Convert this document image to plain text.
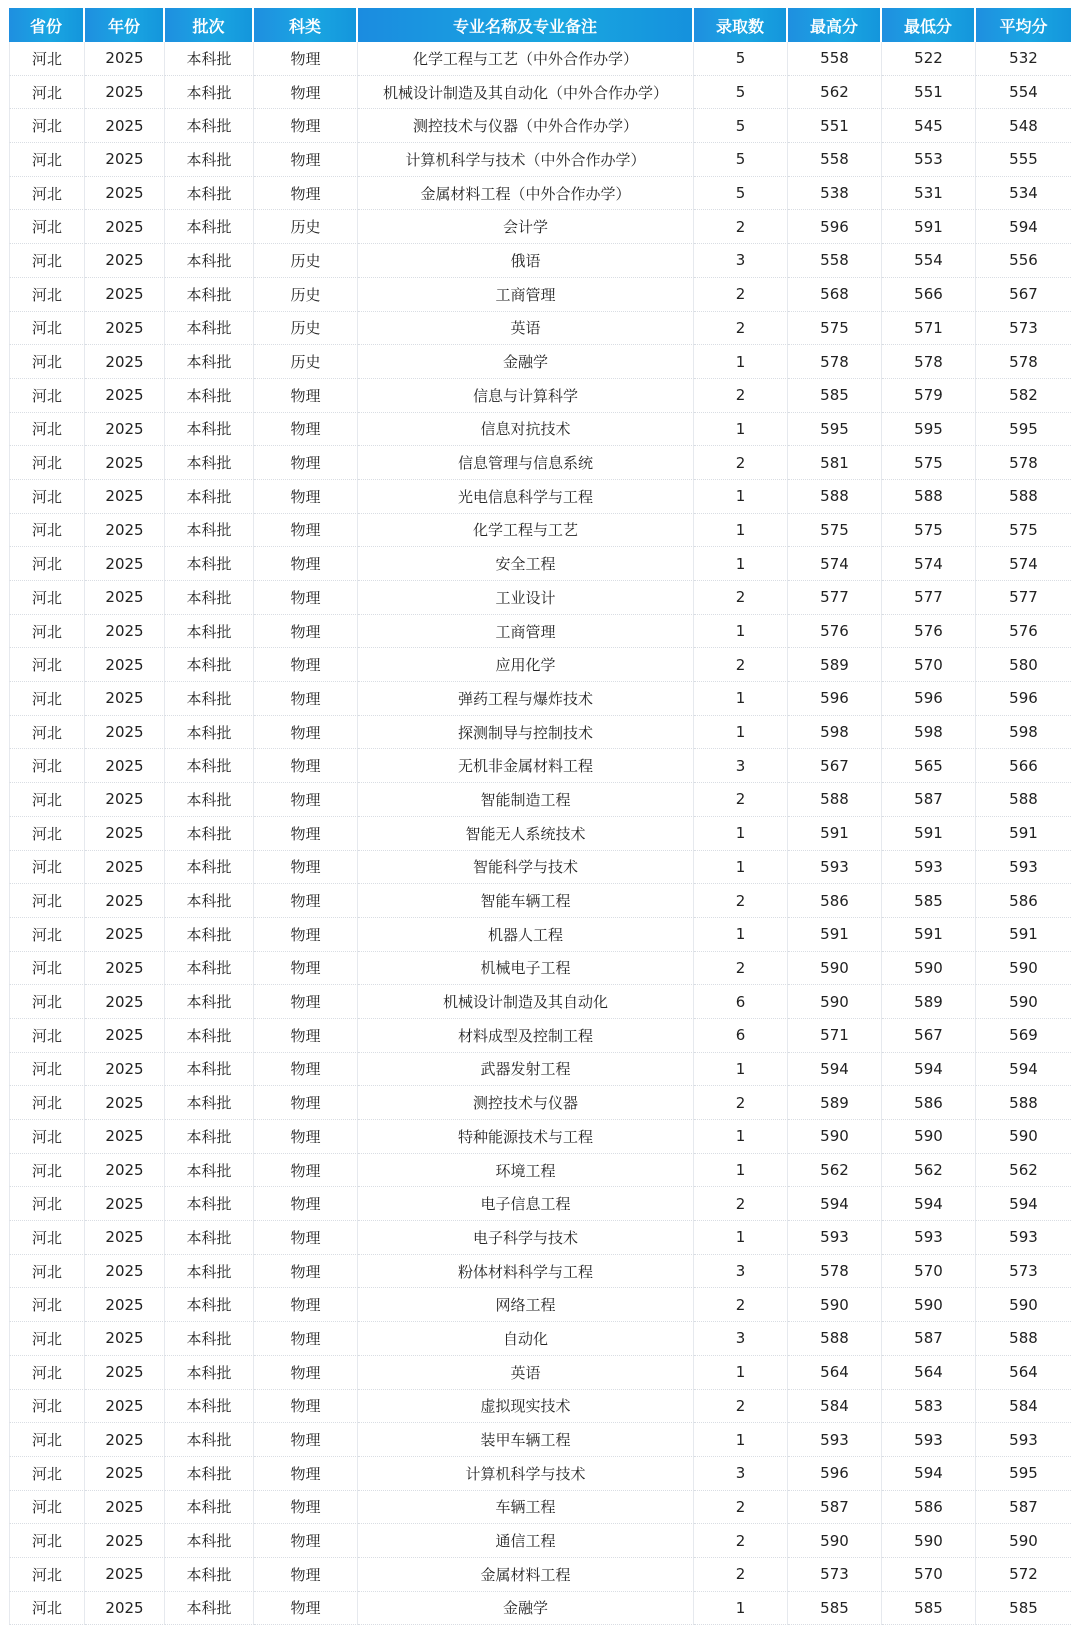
省份	年份	批次	科类	专业名称及专业备注	录取数	最高分	最低分	平均分
河北	2025	本科批	物理	化学工程与工艺（中外合作办学）	5	558	522	532
河北	2025	本科批	物理	机械设计制造及其自动化（中外合作办学）	5	562	551	554
河北	2025	本科批	物理	测控技术与仪器（中外合作办学）	5	551	545	548
河北	2025	本科批	物理	计算机科学与技术（中外合作办学）	5	558	553	555
河北	2025	本科批	物理	金属材料工程（中外合作办学）	5	538	531	534
河北	2025	本科批	历史	会计学	2	596	591	594
河北	2025	本科批	历史	俄语	3	558	554	556
河北	2025	本科批	历史	工商管理	2	568	566	567
河北	2025	本科批	历史	英语	2	575	571	573
河北	2025	本科批	历史	金融学	1	578	578	578
河北	2025	本科批	物理	信息与计算科学	2	585	579	582
河北	2025	本科批	物理	信息对抗技术	1	595	595	595
河北	2025	本科批	物理	信息管理与信息系统	2	581	575	578
河北	2025	本科批	物理	光电信息科学与工程	1	588	588	588
河北	2025	本科批	物理	化学工程与工艺	1	575	575	575
河北	2025	本科批	物理	安全工程	1	574	574	574
河北	2025	本科批	物理	工业设计	2	577	577	577
河北	2025	本科批	物理	工商管理	1	576	576	576
河北	2025	本科批	物理	应用化学	2	589	570	580
河北	2025	本科批	物理	弹药工程与爆炸技术	1	596	596	596
河北	2025	本科批	物理	探测制导与控制技术	1	598	598	598
河北	2025	本科批	物理	无机非金属材料工程	3	567	565	566
河北	2025	本科批	物理	智能制造工程	2	588	587	588
河北	2025	本科批	物理	智能无人系统技术	1	591	591	591
河北	2025	本科批	物理	智能科学与技术	1	593	593	593
河北	2025	本科批	物理	智能车辆工程	2	586	585	586
河北	2025	本科批	物理	机器人工程	1	591	591	591
河北	2025	本科批	物理	机械电子工程	2	590	590	590
河北	2025	本科批	物理	机械设计制造及其自动化	6	590	589	590
河北	2025	本科批	物理	材料成型及控制工程	6	571	567	569
河北	2025	本科批	物理	武器发射工程	1	594	594	594
河北	2025	本科批	物理	测控技术与仪器	2	589	586	588
河北	2025	本科批	物理	特种能源技术与工程	1	590	590	590
河北	2025	本科批	物理	环境工程	1	562	562	562
河北	2025	本科批	物理	电子信息工程	2	594	594	594
河北	2025	本科批	物理	电子科学与技术	1	593	593	593
河北	2025	本科批	物理	粉体材料科学与工程	3	578	570	573
河北	2025	本科批	物理	网络工程	2	590	590	590
河北	2025	本科批	物理	自动化	3	588	587	588
河北	2025	本科批	物理	英语	1	564	564	564
河北	2025	本科批	物理	虚拟现实技术	2	584	583	584
河北	2025	本科批	物理	装甲车辆工程	1	593	593	593
河北	2025	本科批	物理	计算机科学与技术	3	596	594	595
河北	2025	本科批	物理	车辆工程	2	587	586	587
河北	2025	本科批	物理	通信工程	2	590	590	590
河北	2025	本科批	物理	金属材料工程	2	573	570	572
河北	2025	本科批	物理	金融学	1	585	585	585
